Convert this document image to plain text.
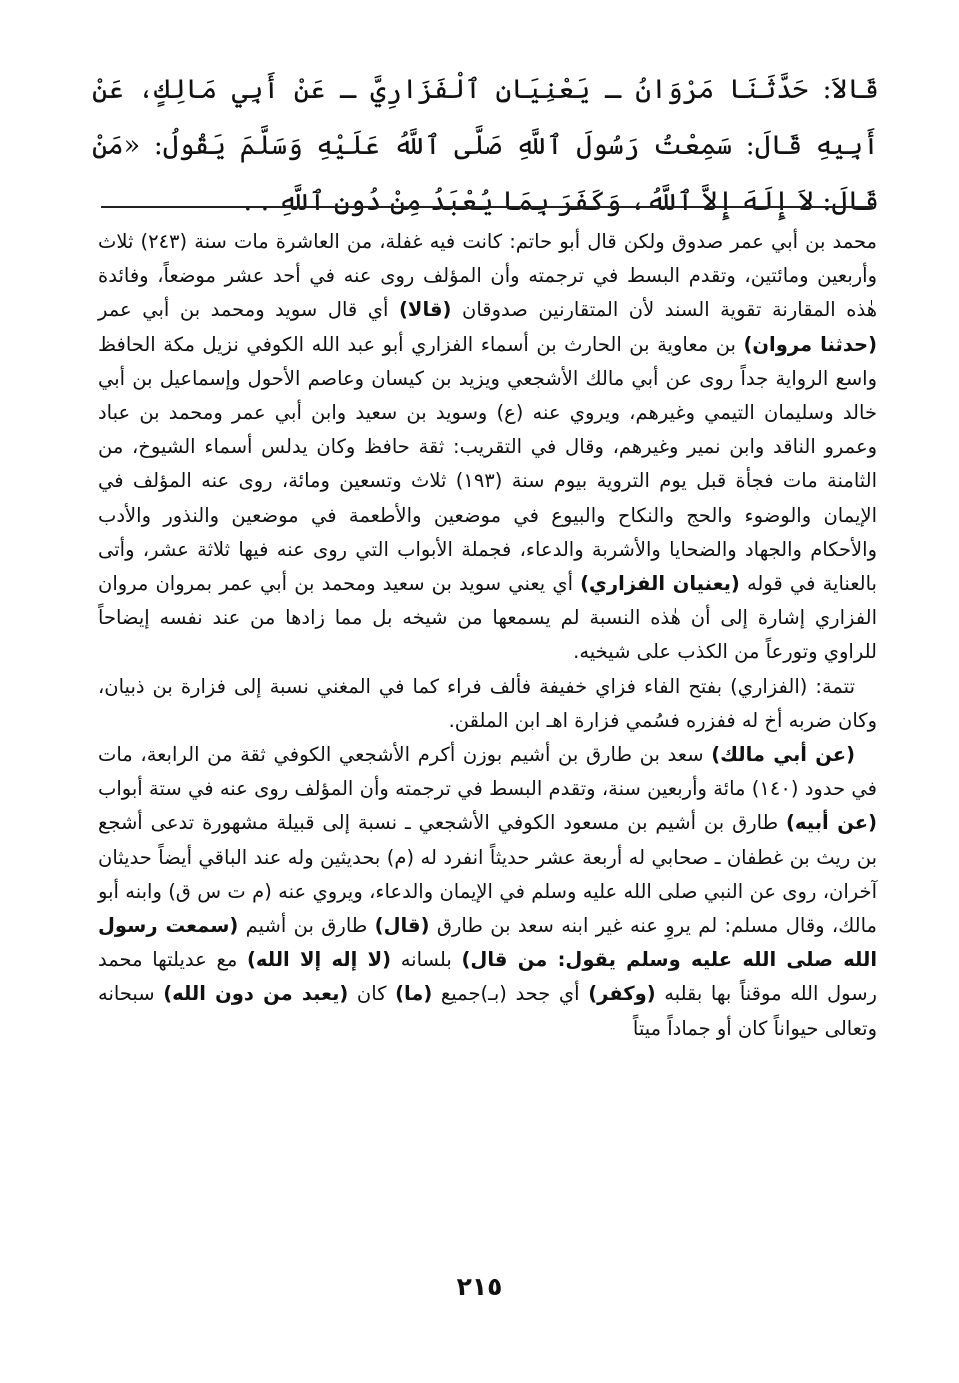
قَالاَ: حَدَّثَنَا مَرْوَانُ ـ يَعْنِيَانِ ٱلْفَزَارِيَّ ـ عَنْ أَبِي مَالِكٍ، عَنْ أَبِيهِ قَالَ: سَمِعْتُ رَسُولَ ٱللَّهِ صَلَّى ٱللَّهُ عَلَيْهِ وَسَلَّمَ يَقُولُ: «مَنْ قَالَ: لاَ إِلَهَ إِلاَّ ٱللَّهُ، وَكَفَرَ بِمَا يُعْبَدُ مِنْ دُونِ ٱللَّهِ . .

محمد بن أبي عمر صدوق ولكن قال أبو حاتم: كانت فيه غفلة، من العاشرة مات سنة (٢٤٣) ثلاث وأربعين ومائتين، وتقدم البسط في ترجمته وأن المؤلف روى عنه في أحد عشر موضعاً، وفائدة هٰذه المقارنة تقوية السند لأن المتقارنين صدوقان (قالا) أي قال سويد ومحمد بن أبي عمر (حدثنا مروان) بن معاوية بن الحارث بن أسماء الفزاري أبو عبد الله الكوفي نزيل مكة الحافظ واسع الرواية جداً روى عن أبي مالك الأشجعي ويزيد بن كيسان وعاصم الأحول وإسماعيل بن أبي خالد وسليمان التيمي وغيرهم، ويروي عنه (ع) وسويد بن سعيد وابن أبي عمر ومحمد بن عباد وعمرو الناقد وابن نمير وغيرهم، وقال في التقريب: ثقة حافظ وكان يدلس أسماء الشيوخ، من الثامنة مات فجأة قبل يوم التروية بيوم سنة (١٩٣) ثلاث وتسعين ومائة، روى عنه المؤلف في الإيمان والوضوء والحج والنكاح والبيوع في موضعين والأطعمة في موضعين والنذور والأدب والأحكام والجهاد والضحايا والأشربة والدعاء، فجملة الأبواب التي روى عنه فيها ثلاثة عشر، وأتى بالعناية في قوله (يعنيان الفزاري) أي يعني سويد بن سعيد ومحمد بن أبي عمر بمروان مروان الفزاري إشارة إلى أن هٰذه النسبة لم يسمعها من شيخه بل مما زادها من عند نفسه إيضاحاً للراوي وتورعاً من الكذب على شيخيه.

تتمة: (الفزاري) بفتح الفاء فزاي خفيفة فألف فراء كما في المغني نسبة إلى فزارة بن ذبيان، وكان ضربه أخ له ففزره فسُمي فزارة اهـ ابن الملقن.

(عن أبي مالك) سعد بن طارق بن أشيم بوزن أكرم الأشجعي الكوفي ثقة من الرابعة، مات في حدود (١٤٠) مائة وأربعين سنة، وتقدم البسط في ترجمته وأن المؤلف روى عنه في ستة أبواب (عن أبيه) طارق بن أشيم بن مسعود الكوفي الأشجعي ـ نسبة إلى قبيلة مشهورة تدعى أشجع بن ريث بن غطفان ـ صحابي له أربعة عشر حديثاً انفرد له (م) بحديثين وله عند الباقي أيضاً حديثان آخران، روى عن النبي صلى الله عليه وسلم في الإيمان والدعاء، ويروي عنه (م ت س ق) وابنه أبو مالك، وقال مسلم: لم يروِ عنه غير ابنه سعد بن طارق (قال) طارق بن أشيم (سمعت رسول الله صلى الله عليه وسلم يقول: من قال) بلسانه (لا إله إلا الله) مع عديلتها محمد رسول الله موقناً بها بقلبه (وكفر) أي جحد (بـ)جميع (ما) كان (يعبد من دون الله) سبحانه وتعالى حيواناً كان أو جماداً ميتاً

٢١٥
